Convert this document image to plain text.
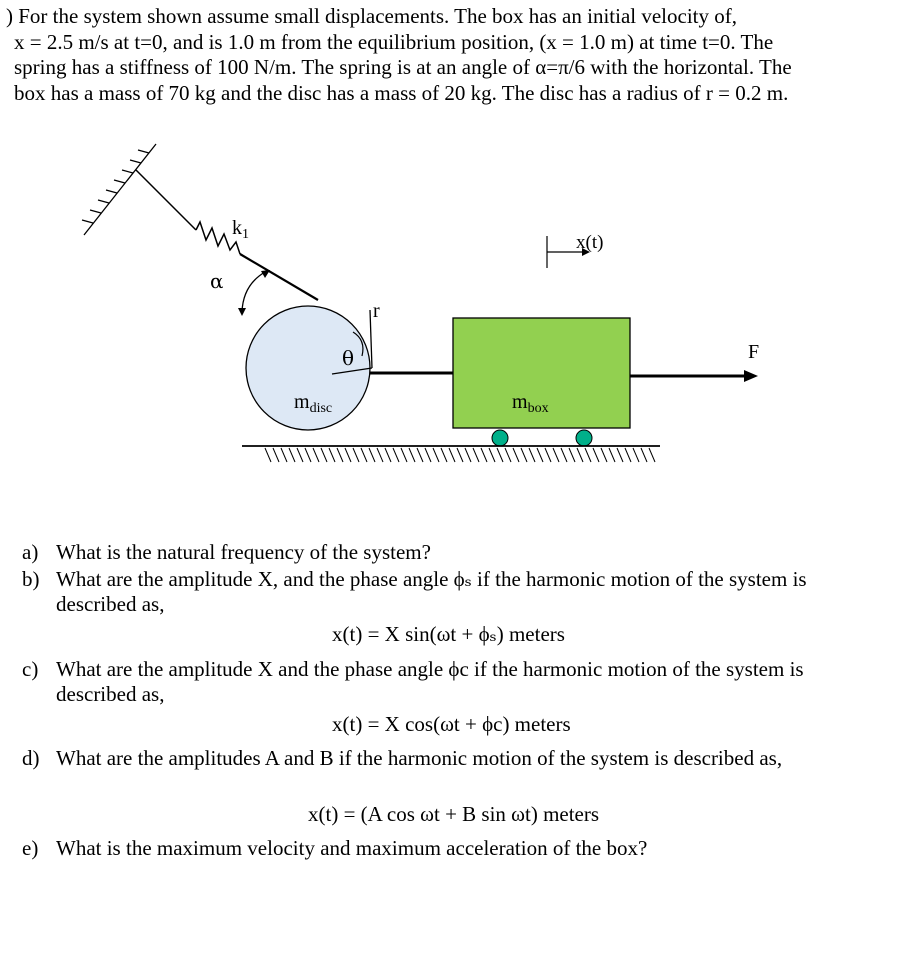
) For the system shown assume small displacements. The box has an initial velocity of,
x = 2.5 m/s at t=0, and is 1.0 m from the equilibrium position, (x = 1.0 m) at time t=0. The
spring has a stiffness of 100 N/m. The spring is at an angle of α=π/6 with the horizontal. The
box has a mass of 70 kg and the disc has a mass of 20 kg. The disc has a radius of r = 0.2 m.
α
$k_1$
r
θ
$m_{disc}$	$m_{box}$
F
x(t)
a) What is the natural frequency of the system?
b) What are the amplitude X, and the phase angle ϕₛ if the harmonic motion of the system is
described as,
x(t) = X sin(ωt + ϕₛ) meters
c) What are the amplitude X and the phase angle ϕc if the harmonic motion of the system is
described as,
x(t) = X cos(ωt + ϕc) meters
d) What are the amplitudes A and B if the harmonic motion of the system is described as,
x(t) = (A cos ωt + B sin ωt) meters
e) What is the maximum velocity and maximum acceleration of the box?
